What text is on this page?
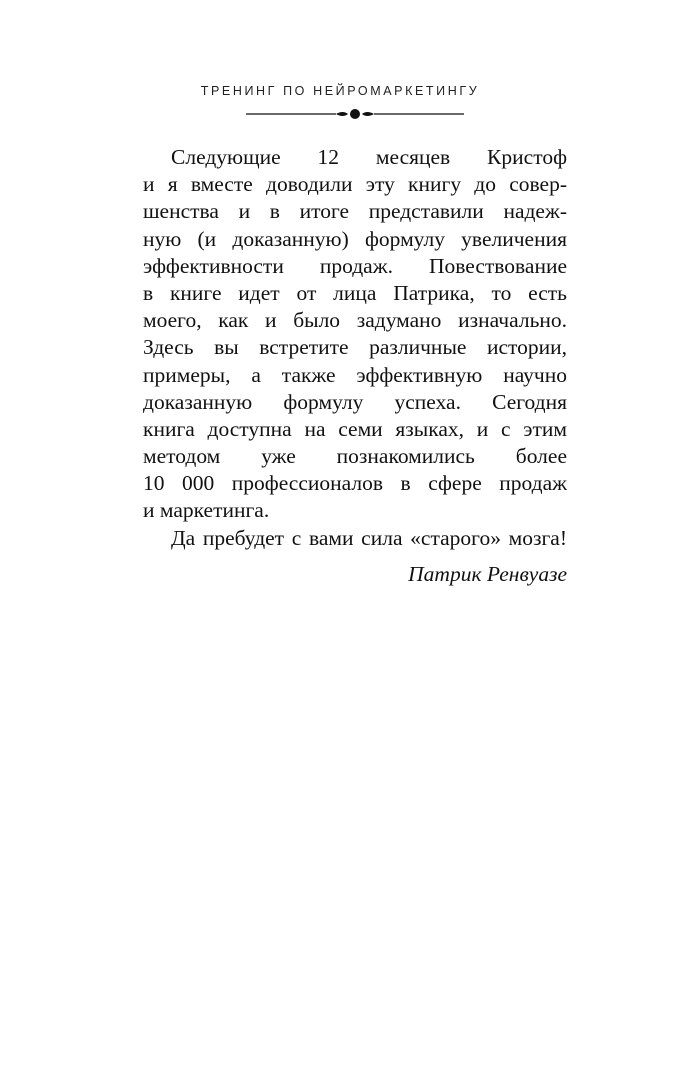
ТРЕНИНГ ПО НЕЙРОМАРКЕТИНГУ
Следующие 12 месяцев Кристоф
и я вместе доводили эту книгу до совер-
шенства и в итоге представили надеж-
ную (и доказанную) формулу увеличения
эффективности продаж. Повествование
в книге идет от лица Патрика, то есть
моего, как и было задумано изначально.
Здесь вы встретите различные истории,
примеры, а также эффективную научно
доказанную формулу успеха. Сегодня
книга доступна на семи языках, и с этим
методом уже познакомились более
10 000 профессионалов в сфере продаж
и маркетинга.
Да пребудет с вами сила «старого» мозга!
Патрик Ренвуазе
